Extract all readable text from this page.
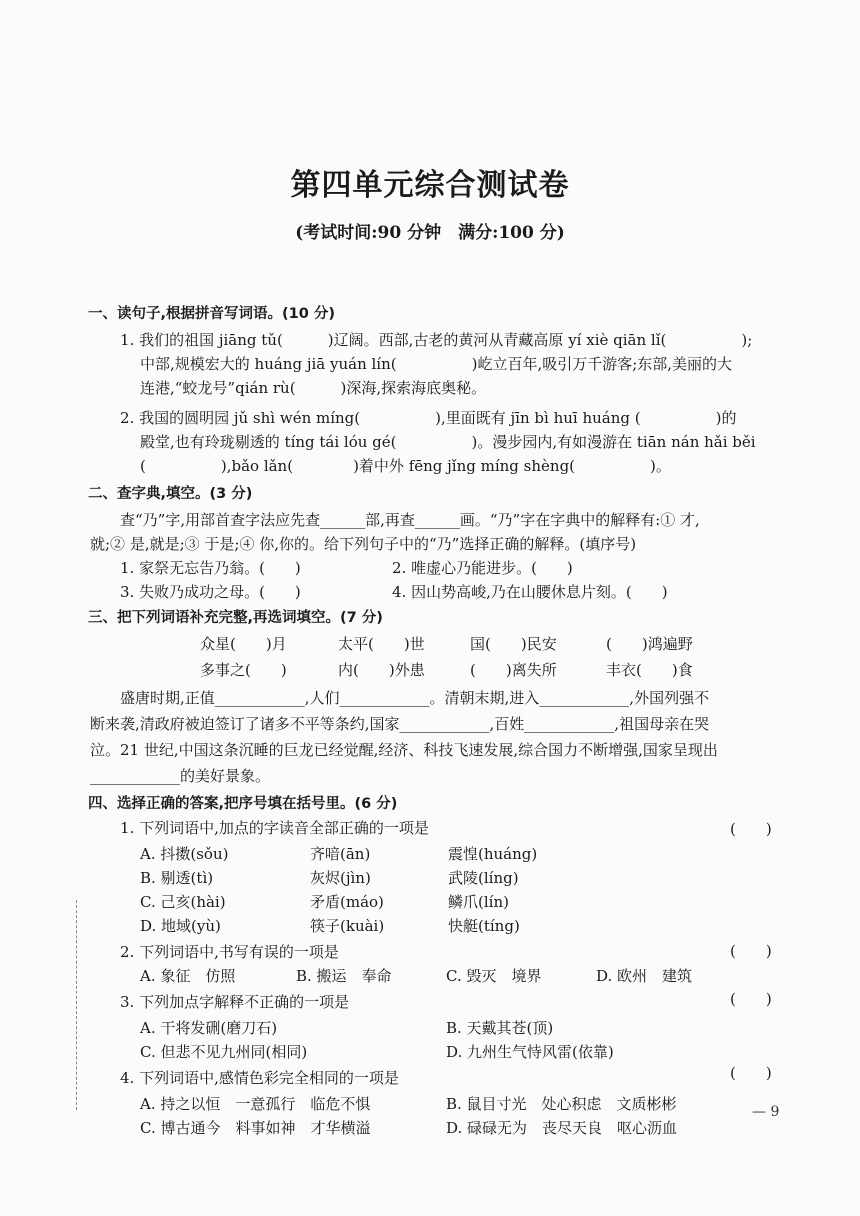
第四单元综合测试卷
(考试时间:90 分钟　满分:100 分)
一、读句子,根据拼音写词语。(10 分)
1. 我们的祖国 jiāng tǔ(　　　)辽阔。西部,古老的黄河从青藏高原 yí xiè qiān lǐ(　　　　　);
中部,规模宏大的 huáng jiā yuán lín(　　　　　)屹立百年,吸引万千游客;东部,美丽的大
连港,“蛟龙号”qián rù(　　　)深海,探索海底奥秘。
2. 我国的圆明园 jǔ shì wén míng(　　　　　),里面既有 jīn bì huī huáng (　　　　　)的
殿堂,也有玲珑剔透的 tíng tái lóu gé(　　　　　)。漫步园内,有如漫游在 tiān nán hǎi běi
(　　　　　),bǎo lǎn(　　　　)着中外 fēng jǐng míng shèng(　　　　　)。
二、查字典,填空。(3 分)
查“乃”字,用部首查字法应先查______部,再查______画。“乃”字在字典中的解释有:① 才,
就;② 是,就是;③ 于是;④ 你,你的。给下列句子中的“乃”选择正确的解释。(填序号)
1. 家祭无忘告乃翁。(　　)	2. 唯虚心乃能进步。(　　)
3. 失败乃成功之母。(　　)	4. 因山势高峻,乃在山腰休息片刻。(　　)
三、把下列词语补充完整,再选词填空。(7 分)
众星(　　)月	太平(　　)世	国(　　)民安	(　　)鸿遍野
多事之(　　)	内(　　)外患	(　　)离失所	丰衣(　　)食
盛唐时期,正值____________,人们____________。清朝末期,进入____________,外国列强不
断来袭,清政府被迫签订了诸多不平等条约,国家____________,百姓____________,祖国母亲在哭
泣。21 世纪,中国这条沉睡的巨龙已经觉醒,经济、科技飞速发展,综合国力不断增强,国家呈现出
____________的美好景象。
四、选择正确的答案,把序号填在括号里。(6 分)
1. 下列词语中,加点的字读音全部正确的一项是	(　　)
A. 抖擞(sǒu)	齐喑(ān)	震惶(huáng)
B. 剔透(tì)	灰烬(jìn)	武陵(líng)
C. 己亥(hài)	矛盾(máo)	鳞爪(lín)
D. 地域(yù)	筷子(kuài)	快艇(tíng)
2. 下列词语中,书写有误的一项是	(　　)
A. 象征　仿照	B. 搬运　奉命	C. 毁灭　境界	D. 欧州　建筑
3. 下列加点字解释不正确的一项是	(　　)
A. 干将发硎(磨刀石)	B. 天戴其苍(顶)
C. 但悲不见九州同(相同)	D. 九州生气恃风雷(依靠)
4. 下列词语中,感情色彩完全相同的一项是	(　　)
A. 持之以恒　一意孤行　临危不惧	B. 鼠目寸光　处心积虑　文质彬彬
C. 博古通今　料事如神　才华横溢	D. 碌碌无为　丧尽天良　呕心沥血
— 9
